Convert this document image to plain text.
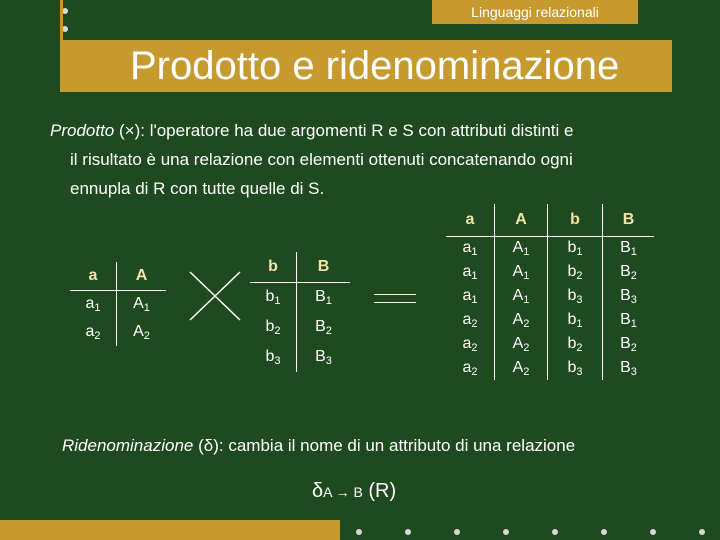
Linguaggi relazionali
Prodotto e ridenominazione
Prodotto (×): l'operatore ha due argomenti R e S con attributi distinti e
il risultato è una relazione con elementi ottenuti concatenando ogni
ennupla di R con tutte quelle di S.
a	A
$a_1$	$A_1$
$a_2$	$A_2$
b	B
$b_1$	$B_1$
$b_2$	$B_2$
$b_3$	$B_3$
a	A	b	B
$a_1$	$A_1$	$b_1$	$B_1$
$a_1$	$A_1$	$b_2$	$B_2$
$a_1$	$A_1$	$b_3$	$B_3$
$a_2$	$A_2$	$b_1$	$B_1$
$a_2$	$A_2$	$b_2$	$B_2$
$a_2$	$A_2$	$b_3$	$B_3$
Ridenominazione (δ): cambia il nome di un attributo di una relazione
δA → B (R)
